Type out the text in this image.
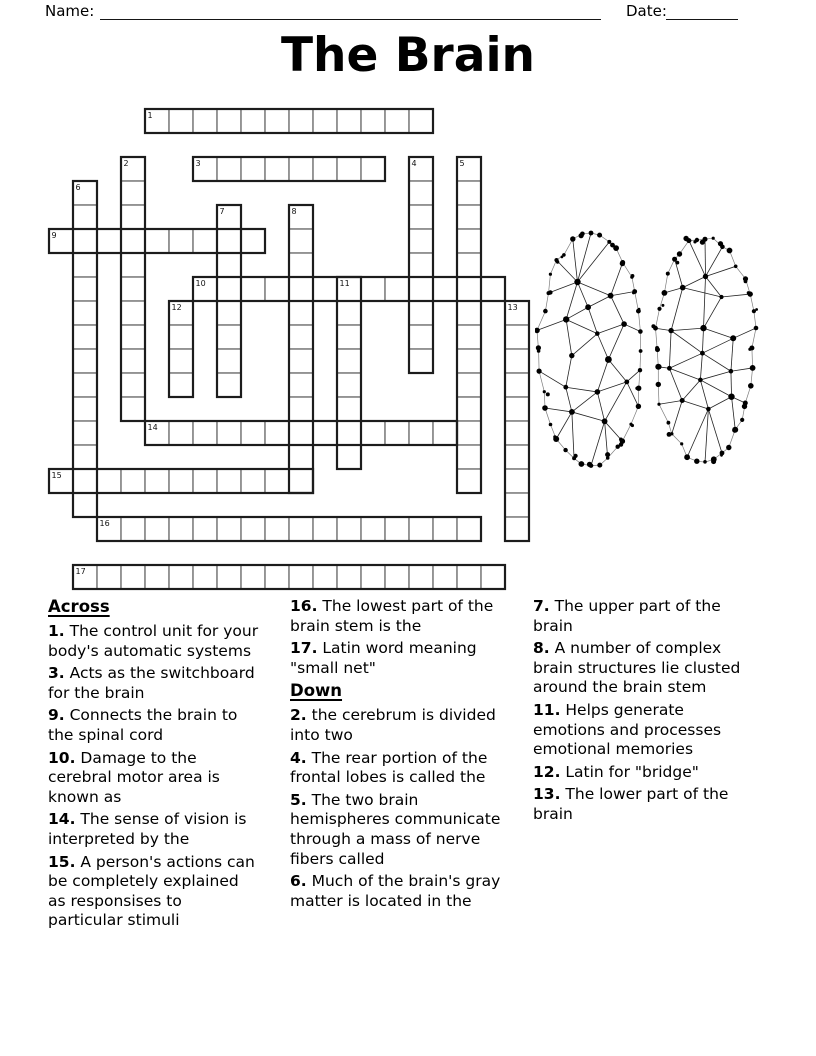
Name:	Date:
The Brain
1
2	3	4	5
6
7	8
9
10	11
12	13
14
15
16
17
Across

1. The control unit for your body's automatic systems

3. Acts as the switchboard for the brain

9. Connects the brain to the spinal cord

10. Damage to the cerebral motor area is known as

14. The sense of vision is interpreted by the

15. A person's actions can be completely explained as responsises to particular stimuli

16. The lowest part of the brain stem is the

17. Latin word meaning "small net"

Down

2. the cerebrum is divided into two

4. The rear portion of the frontal lobes is called the

5. The two brain hemispheres communicate through a mass of nerve fibers called

6. Much of the brain's gray matter is located in the

7. The upper part of the brain

8. A number of complex brain structures lie clusted around the brain stem

11. Helps generate emotions and processes emotional memories

12. Latin for "bridge"

13. The lower part of the brain
